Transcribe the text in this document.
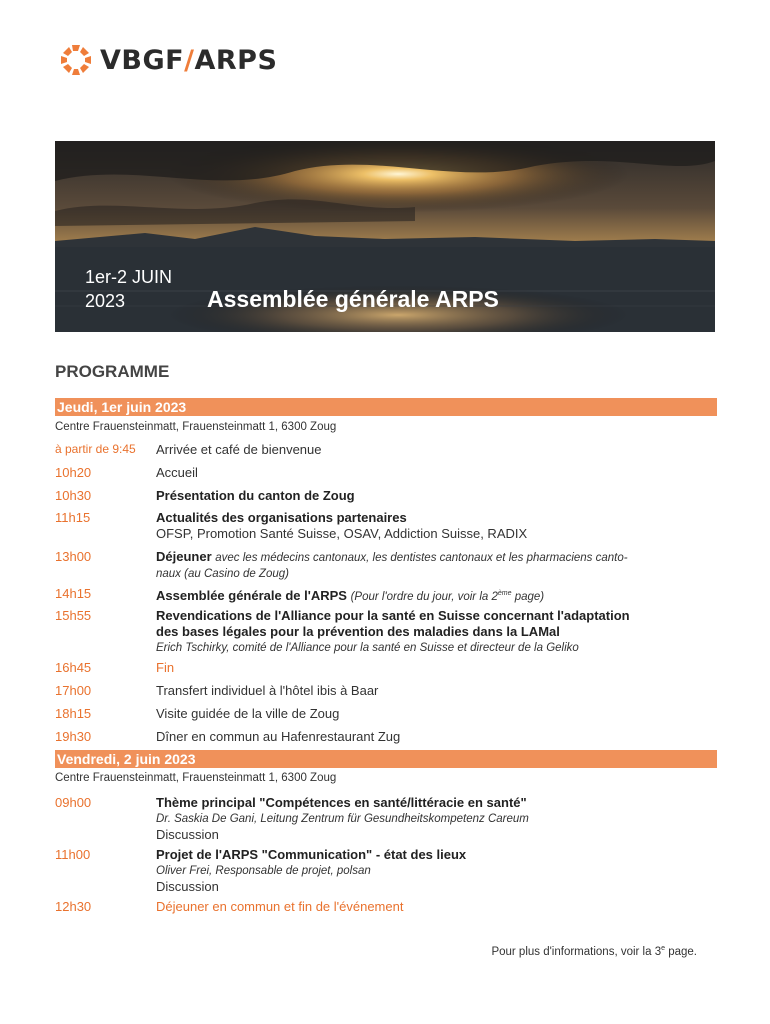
VBGF/ARPS
1er-2 JUIN
2023	Assemblée générale ARPS
PROGRAMME
Jeudi, 1er juin 2023
Centre Frauensteinmatt, Frauensteinmatt 1, 6300 Zoug
à partir de 9:45 Arrivée et café de bienvenue
10h20	Accueil
10h30	Présentation du canton de Zoug
11h15	Actualités des organisations partenaires
OFSP, Promotion Santé Suisse, OSAV, Addiction Suisse, RADIX
13h00	Déjeuner avec les médecins cantonaux, les dentistes cantonaux et les pharmaciens canto-
naux (au Casino de Zoug)
14h15	Assemblée générale de l'ARPS (Pour l'ordre du jour, voir la 2ème page)
15h55	Revendications de l'Alliance pour la santé en Suisse concernant l'adaptation
des bases légales pour la prévention des maladies dans la LAMal
Erich Tschirky, comité de l'Alliance pour la santé en Suisse et directeur de la Geliko
16h45	Fin
17h00	Transfert individuel à l'hôtel ibis à Baar
18h15	Visite guidée de la ville de Zoug
19h30	Dîner en commun au Hafenrestaurant Zug
Vendredi, 2 juin 2023
Centre Frauensteinmatt, Frauensteinmatt 1, 6300 Zoug
09h00	Thème principal "Compétences en santé/littéracie en santé"
Dr. Saskia De Gani, Leitung Zentrum für Gesundheitskompetenz Careum
Discussion
11h00	Projet de l'ARPS "Communication" - état des lieux
Oliver Frei, Responsable de projet, polsan
Discussion
12h30	Déjeuner en commun et fin de l'événement
Pour plus d'informations, voir la 3e page.
